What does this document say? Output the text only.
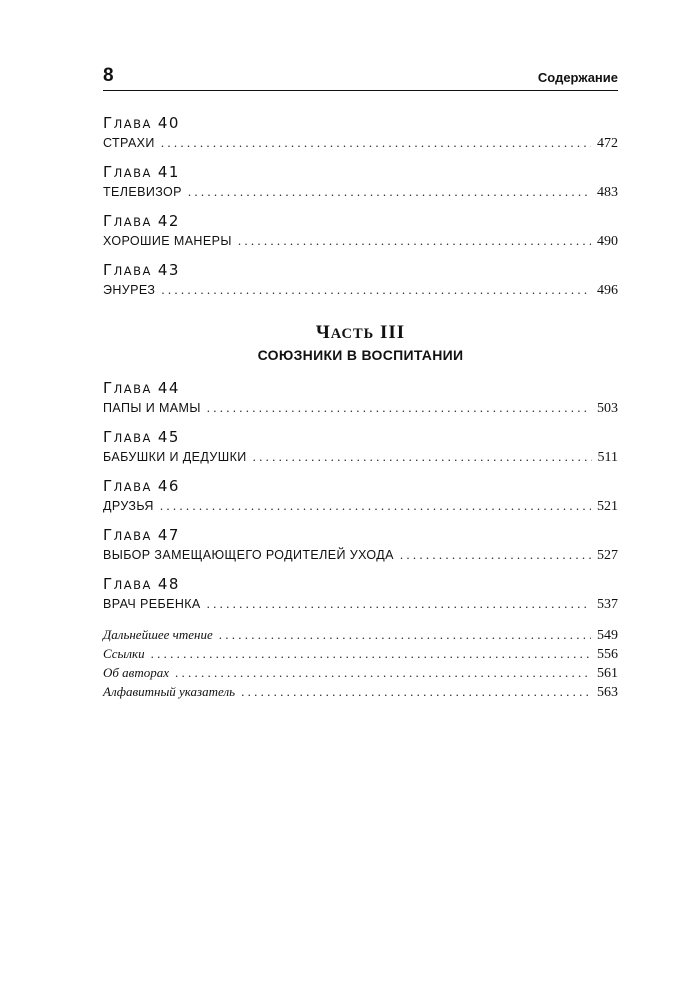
8	Содержание
ГЛАВА 40
СТРАХИ . . .	472
ГЛАВА 41
ТЕЛЕВИЗОР . . .	483
ГЛАВА 42
ХОРОШИЕ МАНЕРЫ . . .	490
ГЛАВА 43
ЭНУРЕЗ . . .	496
ЧАСТЬ III
СОЮЗНИКИ В ВОСПИТАНИИ
ГЛАВА 44
ПАПЫ И МАМЫ . . .	503
ГЛАВА 45
БАБУШКИ И ДЕДУШКИ . . .	511
ГЛАВА 46
ДРУЗЬЯ . . .	521
ГЛАВА 47
ВЫБОР ЗАМЕЩАЮЩЕГО РОДИТЕЛЕЙ УХОДА . . .	527
ГЛАВА 48
ВРАЧ РЕБЕНКА . . .	537
Дальнейшее чтение . . .	549
Ссылки . . .	556
Об авторах . . .	561
Алфавитный указатель . . .	563
